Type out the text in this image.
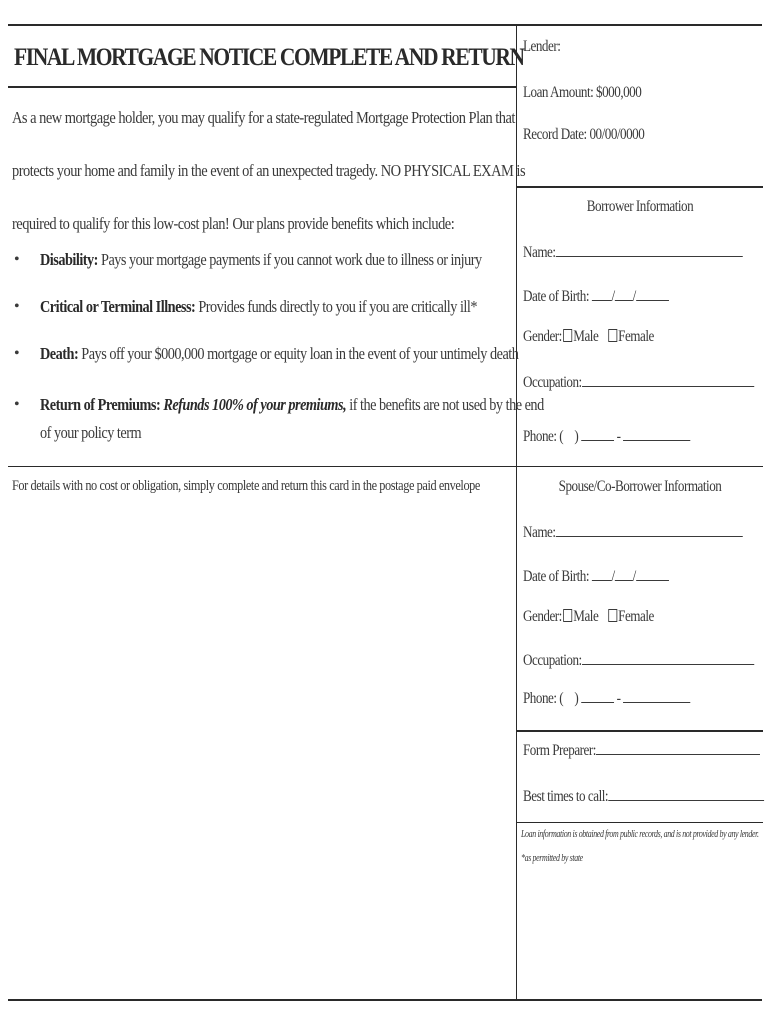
FINAL MORTGAGE NOTICE COMPLETE AND RETURN

As a new mortgage holder, you may qualify for a state-regulated Mortgage Protection Plan that
protects your home and family in the event of an unexpected tragedy. NO PHYSICAL EXAM is
required to qualify for this low-cost plan! Our plans provide benefits which include:

• Disability: Pays your mortgage payments if you cannot work due to illness or injury
• Critical or Terminal Illness: Provides funds directly to you if you are critically ill*
• Death: Pays off your $000,000 mortgage or equity loan in the event of your untimely death
• Return of Premiums: Refunds 100% of your premiums, if the benefits are not used by the end
of your policy term

For details with no cost or obligation, simply complete and return this card in the postage paid envelope

Lender:
Loan Amount: $000,000
Record Date: 00/00/0000
Borrower Information
Name:
Date of Birth: / /
Gender: Male Female
Occupation:
Phone: ( ) -
Spouse/Co-Borrower Information
Name:
Date of Birth: / /
Gender: Male Female
Occupation:
Phone: ( ) -
Form Preparer:
Best times to call:
Loan information is obtained from public records, and is not provided by any lender.
*as permitted by state
